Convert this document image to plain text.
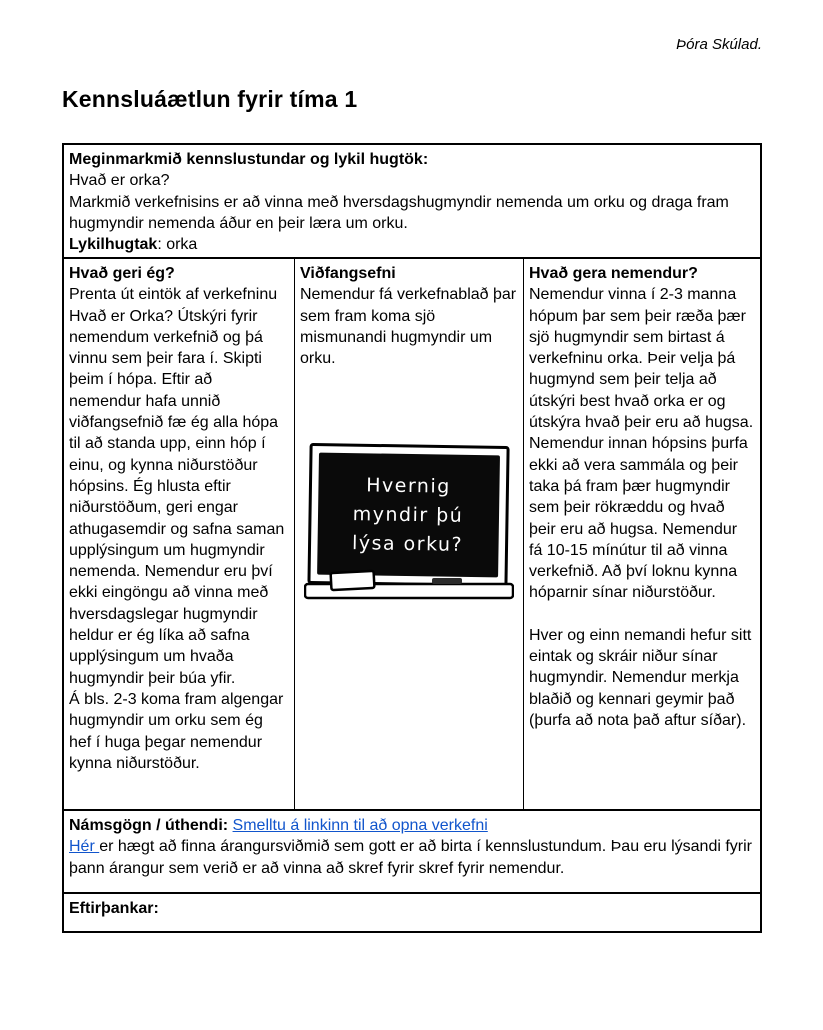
Þóra Skúlad.
Kennsluáætlun fyrir tíma 1
Meginmarkmið kennslustundar og lykil hugtök:
Hvað er orka?
Markmið verkefnisins er að vinna með hversdagshugmyndir nemenda um orku og draga fram hugmyndir nemenda áður en þeir læra um orku.
Lykilhugtak: orka
Hvað geri ég?

Prenta út eintök af verkefninu Hvað er Orka? Útskýri fyrir nemendum verkefnið og þá vinnu sem þeir fara í. Skipti þeim í hópa. Eftir að nemendur hafa unnið viðfangsefnið fæ ég alla hópa til að standa upp, einn hóp í einu, og kynna niðurstöður hópsins. Ég hlusta eftir niðurstöðum, geri engar athugasemdir og safna saman upplýsingum um hugmyndir nemenda. Nemendur eru því ekki eingöngu að vinna með hversdagslegar hugmyndir heldur er ég líka að safna upplýsingum um hvaða hugmyndir þeir búa yfir.

Á bls. 2-3 koma fram algengar hugmyndir um orku sem ég hef í huga þegar nemendur kynna niðurstöður.

Viðfangsefni

Nemendur fá verkefnablað þar sem fram koma sjö mismunandi hugmyndir um orku.

Hvernig
myndir þú
lýsa orku?
Hvað gera nemendur?

Nemendur vinna í 2-3 manna hópum þar sem þeir ræða þær sjö hugmyndir sem birtast á verkefninu orka. Þeir velja þá hugmynd sem þeir telja að útskýri best hvað orka er og útskýra hvað þeir eru að hugsa. Nemendur innan hópsins þurfa ekki að vera sammála og þeir taka þá fram þær hugmyndir sem þeir rökræddu og hvað þeir eru að hugsa. Nemendur fá 10-15 mínútur til að vinna verkefnið. Að því loknu kynna hóparnir sínar niðurstöður.

Hver og einn nemandi hefur sitt eintak og skráir niður sínar hugmyndir. Nemendur merkja blaðið og kennari geymir það (þurfa að nota það aftur síðar).

Námsgögn / úthendi: Smelltu á linkinn til að opna verkefni
Hér er hægt að finna árangursviðmið sem gott er að birta í kennslustundum. Þau eru lýsandi fyrir þann árangur sem verið er að vinna að skref fyrir skref fyrir nemendur.
Eftirþankar:
